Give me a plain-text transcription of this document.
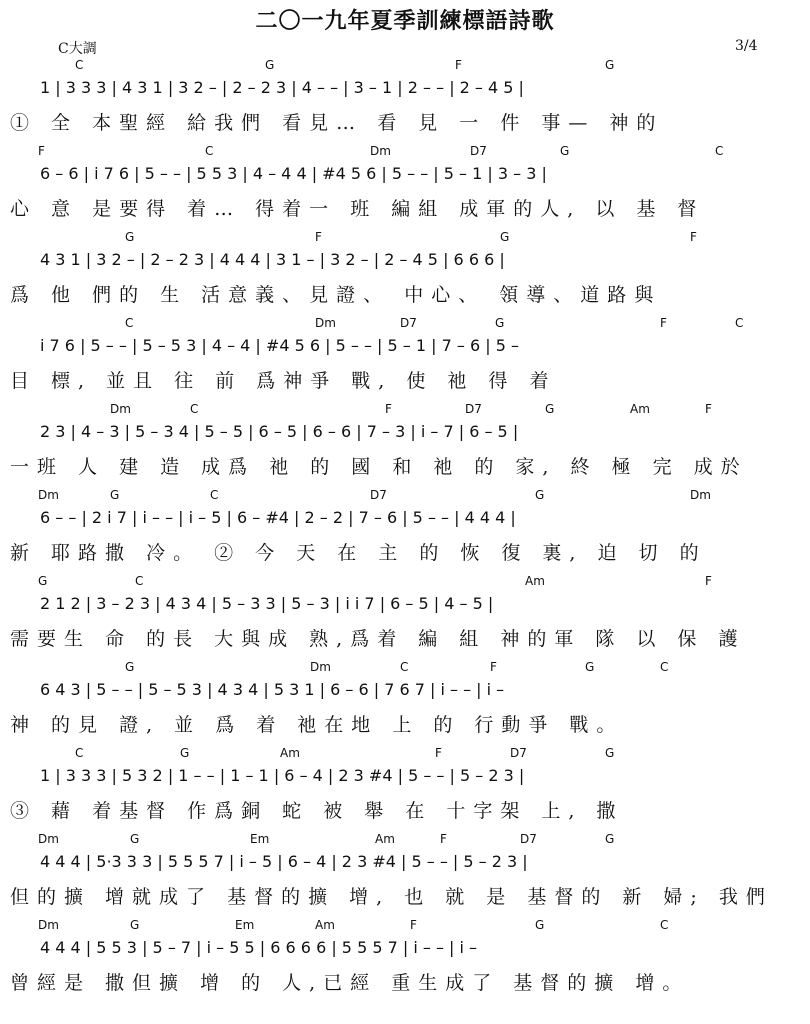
二〇一九年夏季訓練標語詩歌
C大調	3/4
C	G	F	G
1 | 3 3 3 | 4 3 1 | 3 2 – | 2 – 2 3 | 4 – – | 3 – 1 | 2 – – | 2 – 4 5 |
① 全 本聖經 給我們 看見… 看 見 一 件 事— 神的
F	C	Dm	D7	G	C
6 – 6 | i 7 6 | 5 – – | 5 5 3 | 4 – 4 4 | #4 5 6 | 5 – – | 5 – 1 | 3 – 3 |
心 意 是要得 着… 得着一 班 編組 成軍的人, 以 基 督
G	F	G	F
4 3 1 | 3 2 – | 2 – 2 3 | 4 4 4 | 3 1 – | 3 2 – | 2 – 4 5 | 6 6 6 |
爲 他 們的 生 活意義、見證、 中心、 領導、道路與
C	Dm	D7	G	F	C
i 7 6 | 5 – – | 5 – 5 3 | 4 – 4 | #4 5 6 | 5 – – | 5 – 1 | 7 – 6 | 5 –
目 標, 並且 往 前 爲神爭 戰, 使 祂 得 着
Dm	C	F	D7	G	Am	F
2 3 | 4 – 3 | 5 – 3 4 | 5 – 5 | 6 – 5 | 6 – 6 | 7 – 3 | i – 7 | 6 – 5 |
一班 人 建 造 成爲 祂 的 國 和 祂 的 家, 終 極 完 成於
Dm	G	C	D7	G	Dm
6 – – | 2 i 7 | i – – | i – 5 | 6 – #4 | 2 – 2 | 7 – 6 | 5 – – | 4 4 4 |
新 耶路撒 冷。 ② 今 天 在 主 的 恢 復 裏, 迫 切 的
G	C	Am	F
2 1 2 | 3 – 2 3 | 4 3 4 | 5 – 3 3 | 5 – 3 | i i 7 | 6 – 5 | 4 – 5 |
需要生 命 的長 大與成 熟,爲着 編 組 神的軍 隊 以 保 護
G	Dm	C	F	G	C
6 4 3 | 5 – – | 5 – 5 3 | 4 3 4 | 5 3 1 | 6 – 6 | 7 6 7 | i – – | i –
神 的見 證, 並 爲 着 祂在地 上 的 行動爭 戰。
C	G	Am	F	D7	G
1 | 3 3 3 | 5 3 2 | 1 – – | 1 – 1 | 6 – 4 | 2 3 #4 | 5 – – | 5 – 2 3 |
③ 藉 着基督 作爲銅 蛇 被 舉 在 十字架 上, 撒
Dm	G	Em	Am	F	D7	G
4 4 4 | 5·3 3 3 | 5 5 5 7 | i – 5 | 6 – 4 | 2 3 #4 | 5 – – | 5 – 2 3 |
但的擴 增就成了 基督的擴 增, 也 就 是 基督的 新 婦; 我們
Dm	G	Em	Am	F	G	C
4 4 4 | 5 5 3 | 5 – 7 | i – 5 5 | 6 6 6 6 | 5 5 5 7 | i – – | i –
曾經是 撒但擴 增 的 人,已經 重生成了 基督的擴 增。
